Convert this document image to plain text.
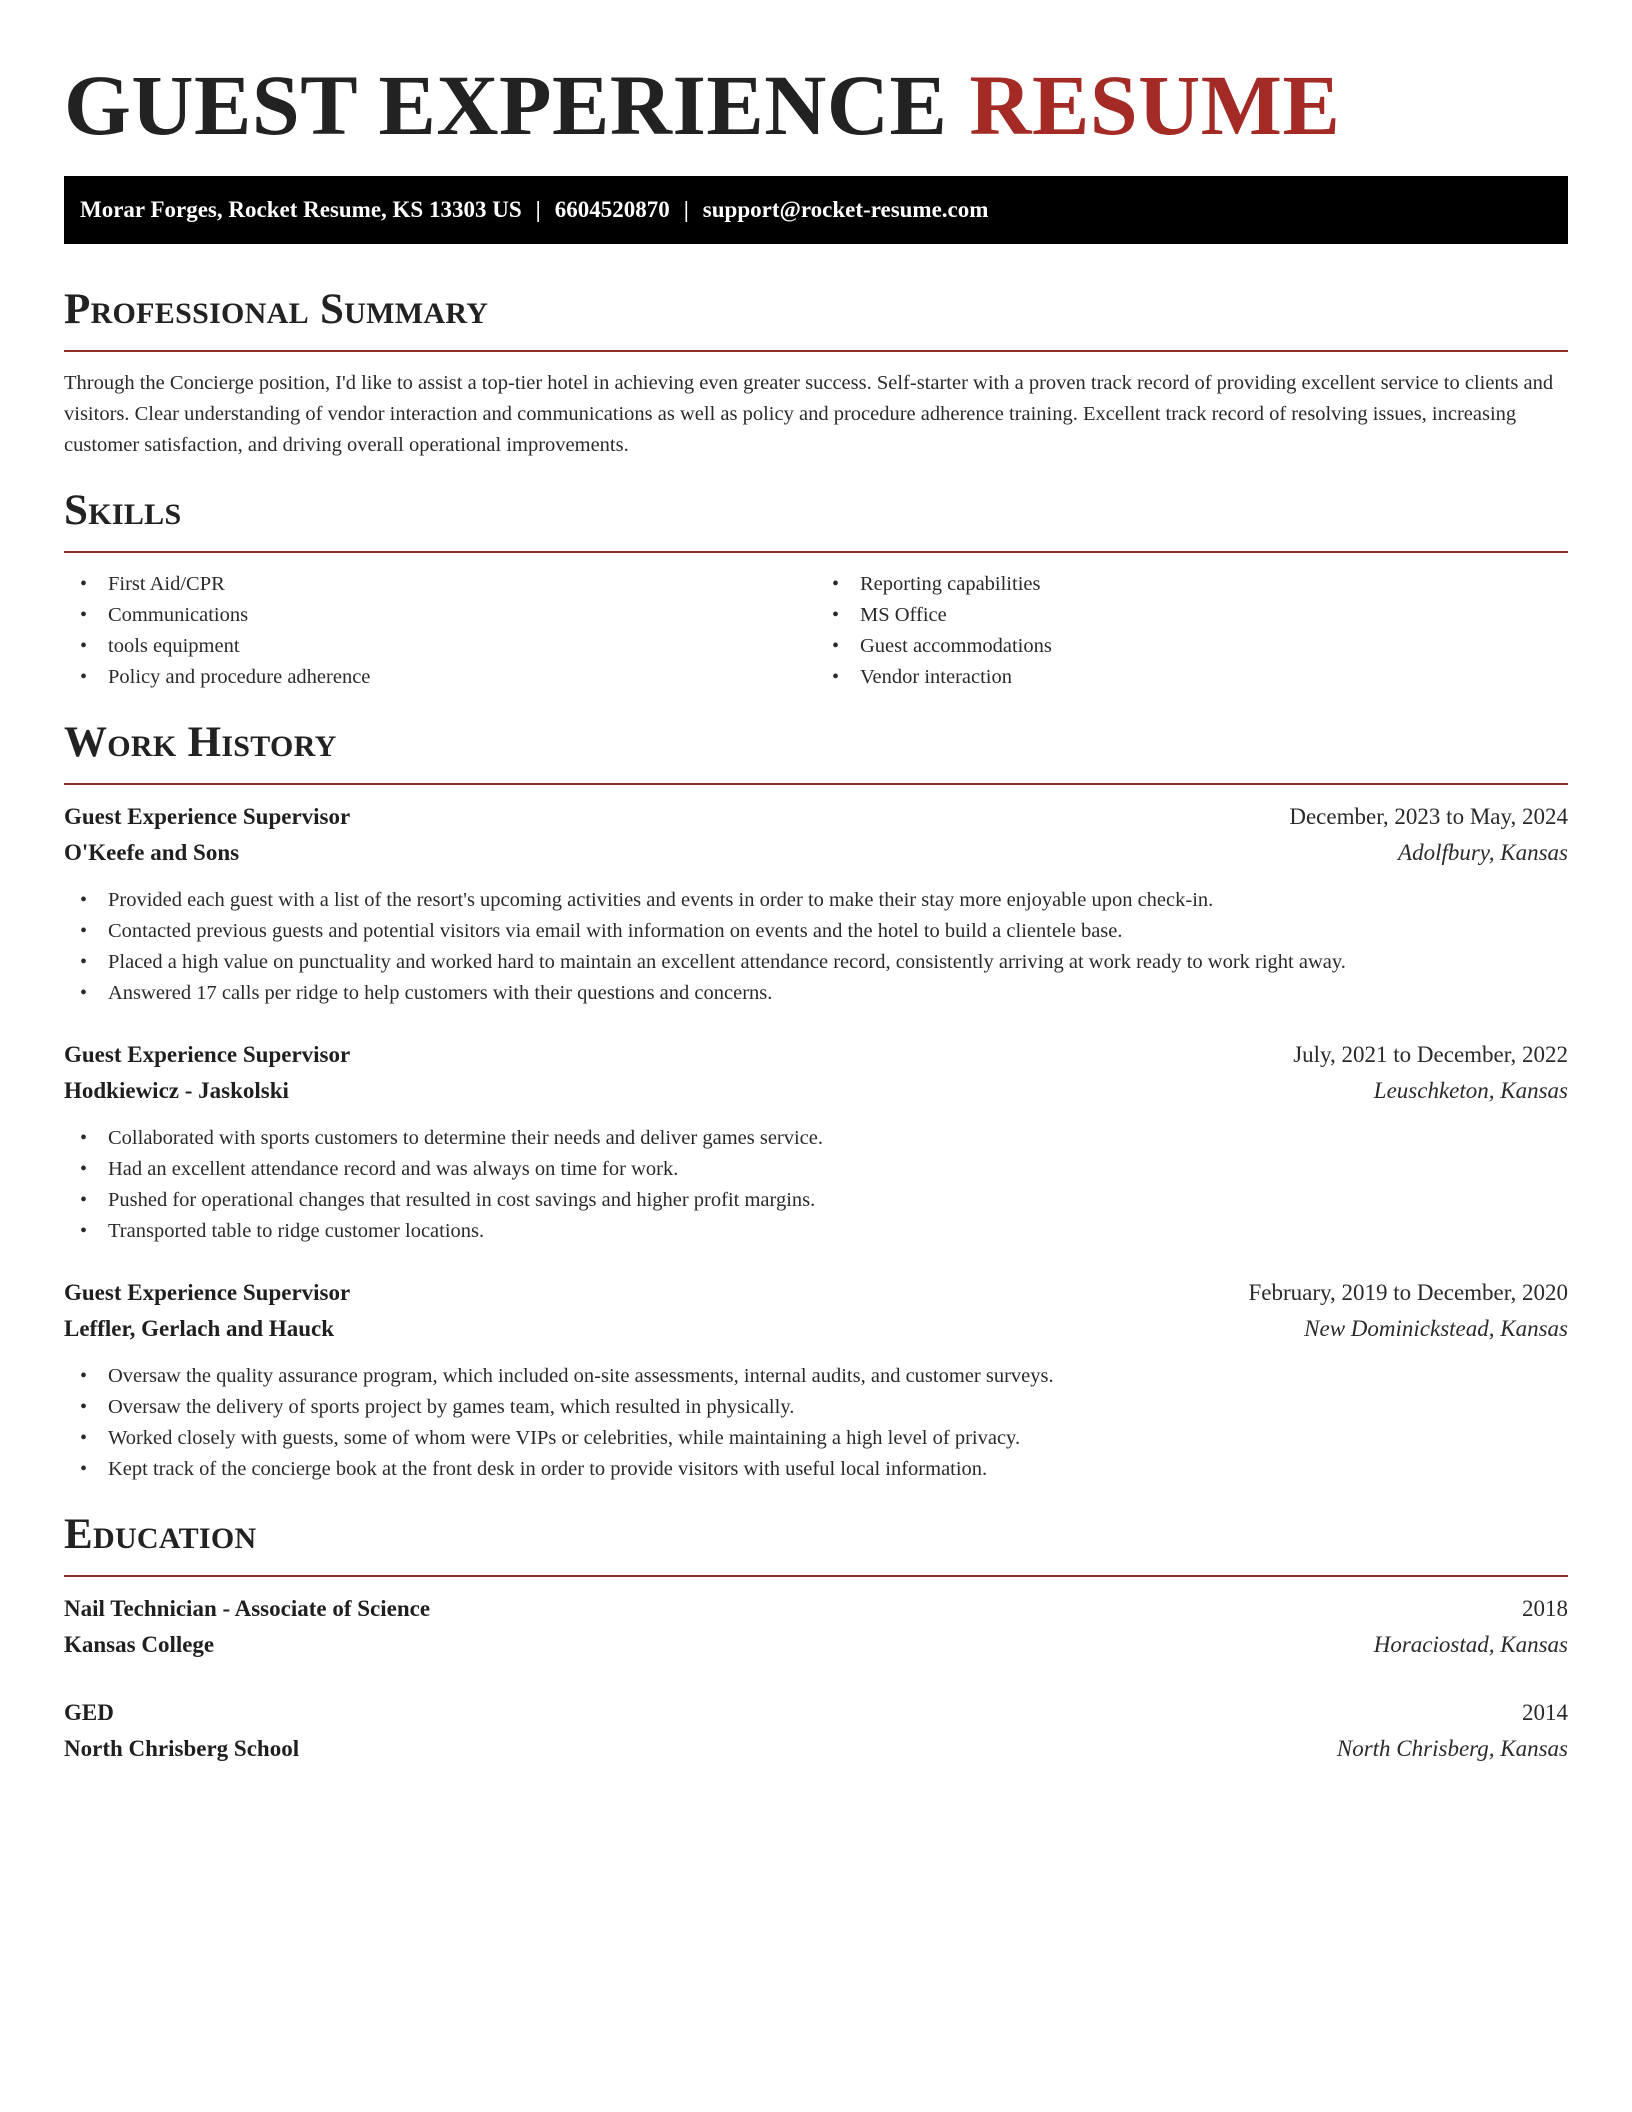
GUEST EXPERIENCE RESUME
Morar Forges, Rocket Resume, KS 13303 US | 6604520870 | support@rocket-resume.com
Professional Summary

Through the Concierge position, I'd like to assist a top-tier hotel in achieving even greater success. Self-starter with a proven track record of providing excellent service to clients and visitors. Clear understanding of vendor interaction and communications as well as policy and procedure adherence training. Excellent track record of resolving issues, increasing customer satisfaction, and driving overall operational improvements.

Skills
• First Aid/CPR
• Communications
• tools equipment
• Policy and procedure adherence
• Reporting capabilities
• MS Office
• Guest accommodations
• Vendor interaction
Work History
Guest Experience Supervisor	December, 2023 to May, 2024
O'Keefe and Sons	Adolfbury, Kansas
• Provided each guest with a list of the resort's upcoming activities and events in order to make their stay more enjoyable upon check-in.
• Contacted previous guests and potential visitors via email with information on events and the hotel to build a clientele base.
• Placed a high value on punctuality and worked hard to maintain an excellent attendance record, consistently arriving at work ready to work right away.
• Answered 17 calls per ridge to help customers with their questions and concerns.
Guest Experience Supervisor	July, 2021 to December, 2022
Hodkiewicz - Jaskolski	Leuschketon, Kansas
• Collaborated with sports customers to determine their needs and deliver games service.
• Had an excellent attendance record and was always on time for work.
• Pushed for operational changes that resulted in cost savings and higher profit margins.
• Transported table to ridge customer locations.
Guest Experience Supervisor	February, 2019 to December, 2020
Leffler, Gerlach and Hauck	New Dominickstead, Kansas
• Oversaw the quality assurance program, which included on-site assessments, internal audits, and customer surveys.
• Oversaw the delivery of sports project by games team, which resulted in physically.
• Worked closely with guests, some of whom were VIPs or celebrities, while maintaining a high level of privacy.
• Kept track of the concierge book at the front desk in order to provide visitors with useful local information.
Education
Nail Technician - Associate of Science	2018
Kansas College	Horaciostad, Kansas
GED	2014
North Chrisberg School	North Chrisberg, Kansas
